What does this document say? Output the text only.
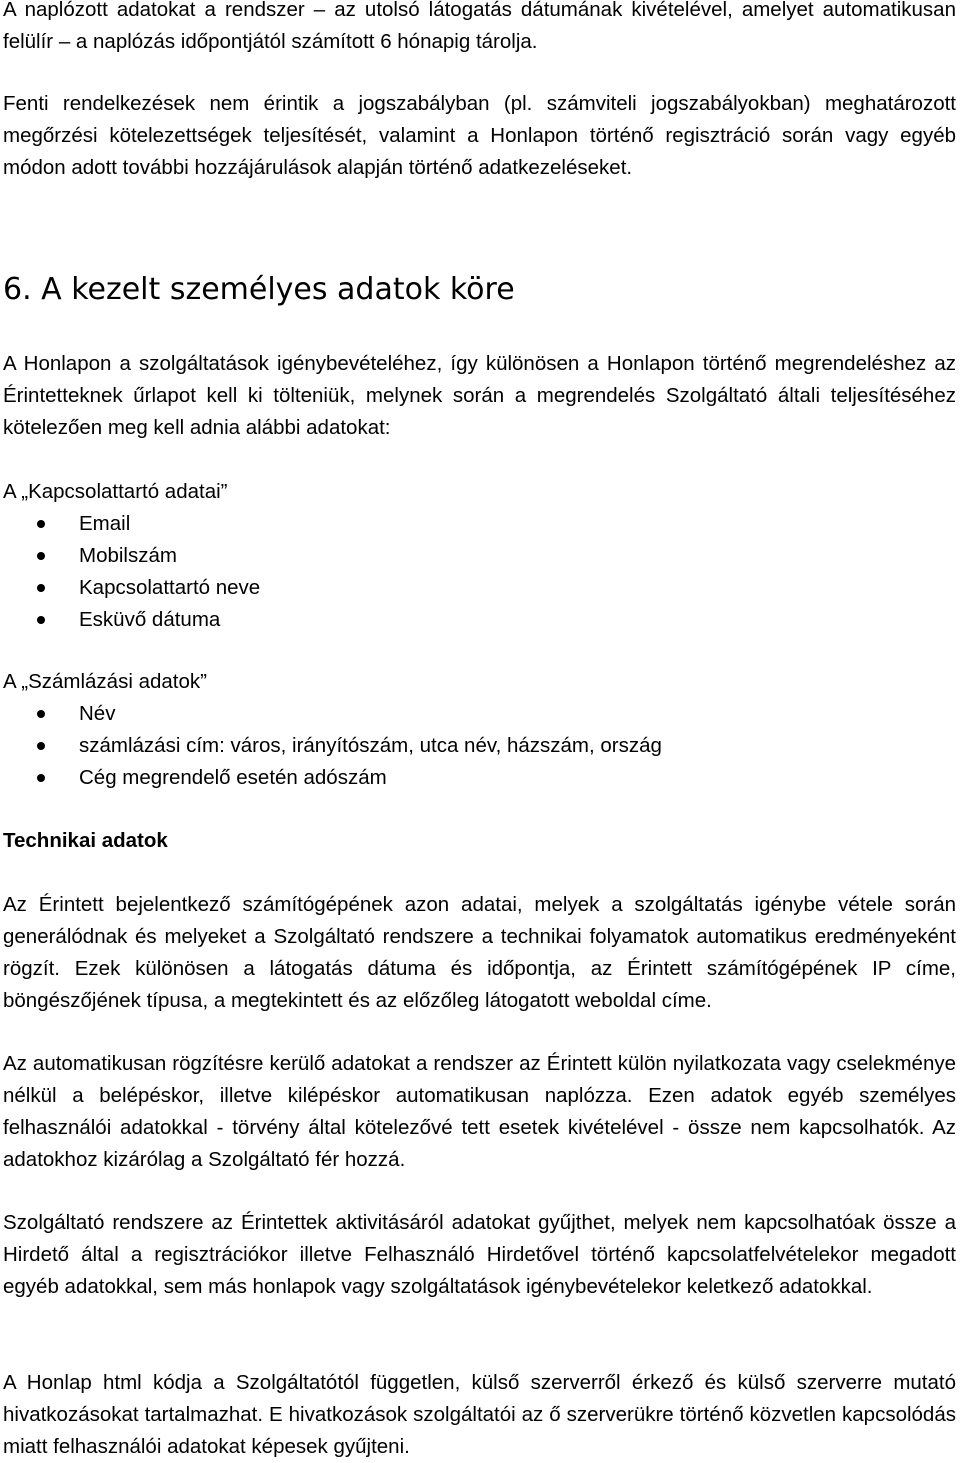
A naplózott adatokat a rendszer – az utolsó látogatás dátumának kivételével, amelyet automatikusan felülír – a naplózás időpontjától számított 6 hónapig tárolja.

Fenti rendelkezések nem érintik a jogszabályban (pl. számviteli jogszabályokban) meghatározott megőrzési kötelezettségek teljesítését, valamint a Honlapon történő regisztráció során vagy egyéb módon adott további hozzájárulások alapján történő adatkezeléseket.

6. A kezelt személyes adatok köre

A Honlapon a szolgáltatások igénybevételéhez, így különösen a Honlapon történő megrendeléshez az Érintetteknek űrlapot kell ki tölteniük, melynek során a megrendelés Szolgáltató általi teljesítéséhez kötelezően meg kell adnia alábbi adatokat:

A „Kapcsolattartó adatai”

Email
Mobilszám
Kapcsolattartó neve
Esküvő dátuma

A „Számlázási adatok”

Név
számlázási cím: város, irányítószám, utca név, házszám, ország
Cég megrendelő esetén adószám

Technikai adatok

Az Érintett bejelentkező számítógépének azon adatai, melyek a szolgáltatás igénybe vétele során generálódnak és melyeket a Szolgáltató rendszere a technikai folyamatok automatikus eredményeként rögzít. Ezek különösen a látogatás dátuma és időpontja, az Érintett számítógépének IP címe, böngészőjének típusa, a megtekintett és az előzőleg látogatott weboldal címe.

Az automatikusan rögzítésre kerülő adatokat a rendszer az Érintett külön nyilatkozata vagy cselekménye nélkül a belépéskor, illetve kilépéskor automatikusan naplózza. Ezen adatok egyéb személyes felhasználói adatokkal - törvény által kötelezővé tett esetek kivételével - össze nem kapcsolhatók. Az adatokhoz kizárólag a Szolgáltató fér hozzá.

Szolgáltató rendszere az Érintettek aktivitásáról adatokat gyűjthet, melyek nem kapcsolhatóak össze a Hirdető által a regisztrációkor illetve Felhasználó Hirdetővel történő kapcsolatfelvételekor megadott egyéb adatokkal, sem más honlapok vagy szolgáltatások igénybevételekor keletkező adatokkal.

A Honlap html kódja a Szolgáltatótól független, külső szerverről érkező és külső szerverre mutató hivatkozásokat tartalmazhat. E hivatkozások szolgáltatói az ő szerverükre történő közvetlen kapcsolódás miatt felhasználói adatokat képesek gyűjteni.
